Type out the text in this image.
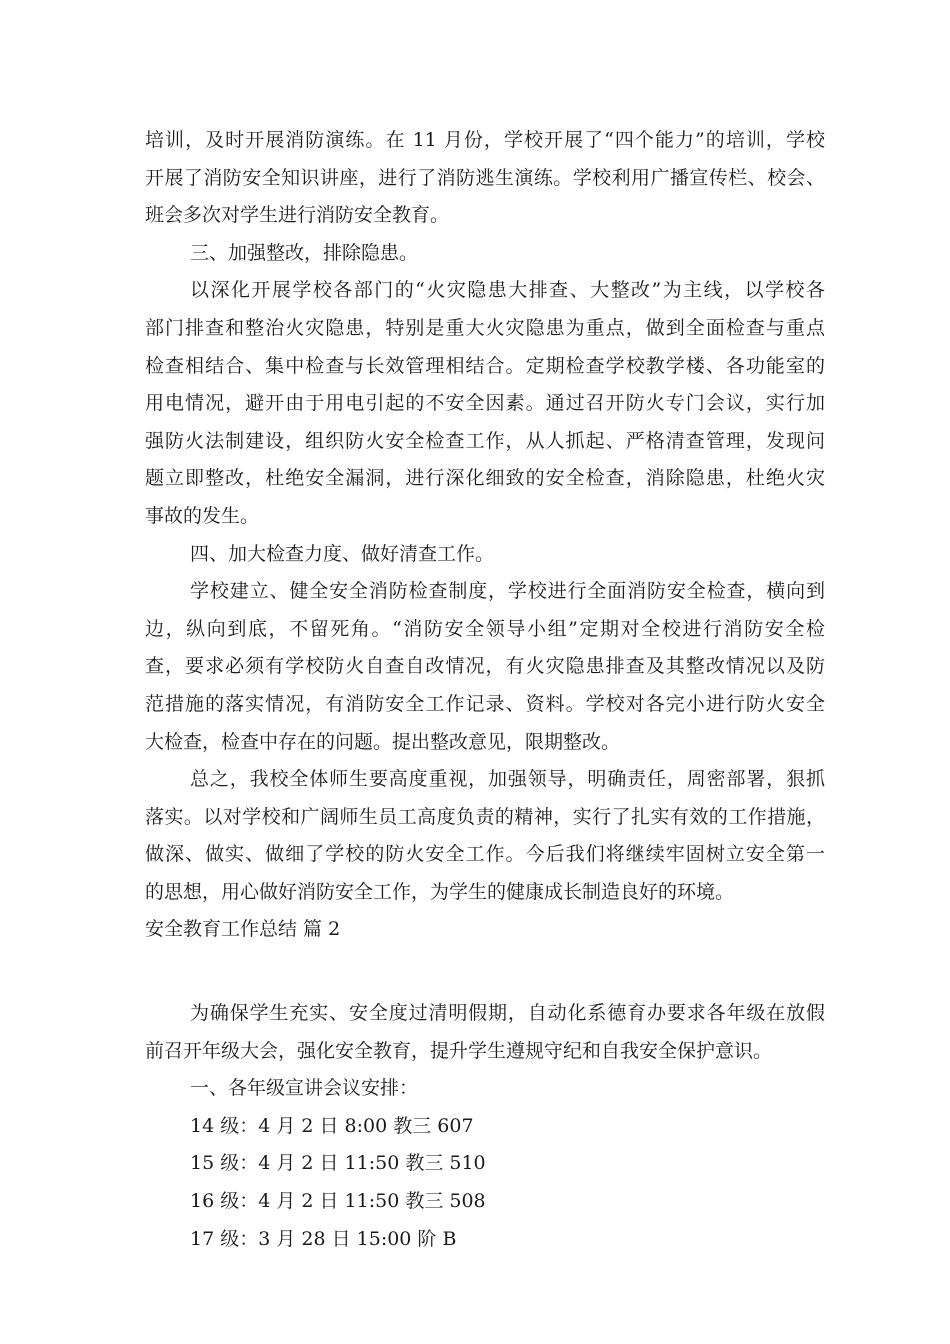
培训，及时开展消防演练。在 11 月份，学校开展了“四个能力”的培训，学校
开展了消防安全知识讲座，进行了消防逃生演练。学校利用广播宣传栏、校会、
班会多次对学生进行消防安全教育。
三、加强整改，排除隐患。
以深化开展学校各部门的“火灾隐患大排查、大整改”为主线，以学校各
部门排查和整治火灾隐患，特别是重大火灾隐患为重点，做到全面检查与重点
检查相结合、集中检查与长效管理相结合。定期检查学校教学楼、各功能室的
用电情况，避开由于用电引起的不安全因素。通过召开防火专门会议，实行加
强防火法制建设，组织防火安全检查工作，从人抓起、严格清查管理，发现问
题立即整改，杜绝安全漏洞，进行深化细致的安全检查，消除隐患，杜绝火灾
事故的发生。
四、加大检查力度、做好清查工作。
学校建立、健全安全消防检查制度，学校进行全面消防安全检查，横向到
边，纵向到底，不留死角。“消防安全领导小组”定期对全校进行消防安全检
查，要求必须有学校防火自查自改情况，有火灾隐患排查及其整改情况以及防
范措施的落实情况，有消防安全工作记录、资料。学校对各完小进行防火安全
大检查，检查中存在的问题。提出整改意见，限期整改。
总之，我校全体师生要高度重视，加强领导，明确责任，周密部署，狠抓
落实。以对学校和广阔师生员工高度负责的精神，实行了扎实有效的工作措施，
做深、做实、做细了学校的防火安全工作。今后我们将继续牢固树立安全第一
的思想，用心做好消防安全工作，为学生的健康成长制造良好的环境。
安全教育工作总结 篇 2
为确保学生充实、安全度过清明假期，自动化系德育办要求各年级在放假
前召开年级大会，强化安全教育，提升学生遵规守纪和自我安全保护意识。
一、各年级宣讲会议安排：
14 级：4 月 2 日 8:00 教三 607
15 级：4 月 2 日 11:50 教三 510
16 级：4 月 2 日 11:50 教三 508
17 级：3 月 28 日 15:00 阶 B
